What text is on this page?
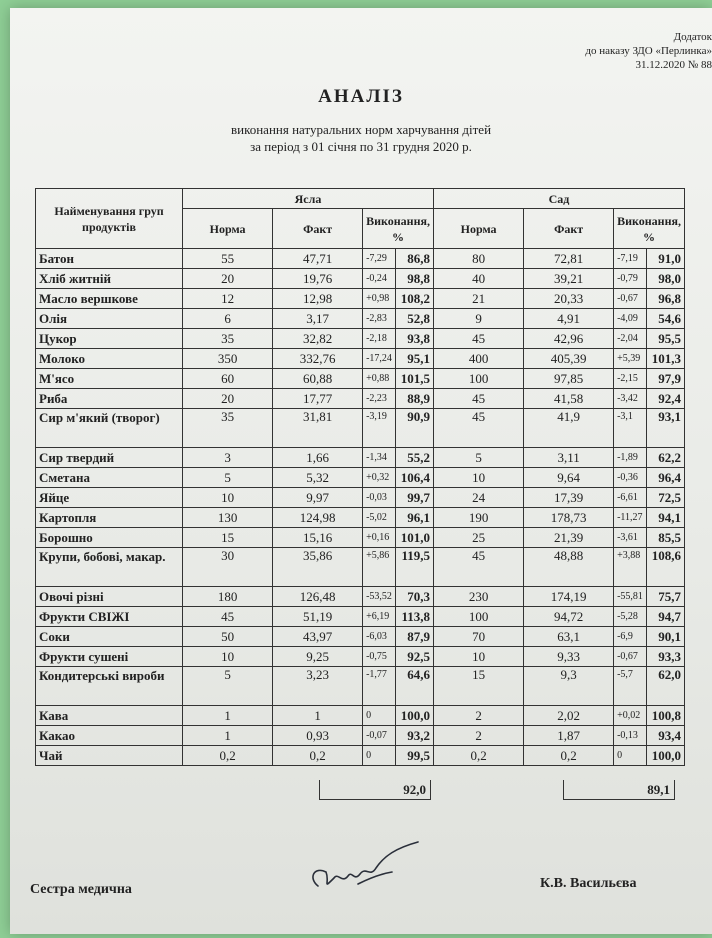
Додаток
до наказу ЗДО «Перлинка»
31.12.2020 № 88
АНАЛІЗ
виконання натуральних норм харчування дітей
за період з 01 січня по 31 грудня 2020 р.
Найменування груп продуктів	Ясла				Сад			
	Норма	Факт	Виконання, %		Норма	Факт	Виконання, %	
Батон	55	47,71	-7,29	86,8	80	72,81	-7,19	91,0
Хліб житній	20	19,76	-0,24	98,8	40	39,21	-0,79	98,0
Масло вершкове	12	12,98	+0,98	108,2	21	20,33	-0,67	96,8
Олія	6	3,17	-2,83	52,8	9	4,91	-4,09	54,6
Цукор	35	32,82	-2,18	93,8	45	42,96	-2,04	95,5
Молоко	350	332,76	-17,24	95,1	400	405,39	+5,39	101,3
М'ясо	60	60,88	+0,88	101,5	100	97,85	-2,15	97,9
Риба	20	17,77	-2,23	88,9	45	41,58	-3,42	92,4
Сир м'який (творог)	35	31,81	-3,19	90,9	45	41,9	-3,1	93,1
Сир твердий	3	1,66	-1,34	55,2	5	3,11	-1,89	62,2
Сметана	5	5,32	+0,32	106,4	10	9,64	-0,36	96,4
Яйце	10	9,97	-0,03	99,7	24	17,39	-6,61	72,5
Картопля	130	124,98	-5,02	96,1	190	178,73	-11,27	94,1
Борошно	15	15,16	+0,16	101,0	25	21,39	-3,61	85,5
Крупи, бобові, макар.	30	35,86	+5,86	119,5	45	48,88	+3,88	108,6
Овочі різні	180	126,48	-53,52	70,3	230	174,19	-55,81	75,7
Фрукти СВІЖІ	45	51,19	+6,19	113,8	100	94,72	-5,28	94,7
Соки	50	43,97	-6,03	87,9	70	63,1	-6,9	90,1
Фрукти сушені	10	9,25	-0,75	92,5	10	9,33	-0,67	93,3
Кондитерські вироби	5	3,23	-1,77	64,6	15	9,3	-5,7	62,0
Кава	1	1	0	100,0	2	2,02	+0,02	100,8
Какао	1	0,93	-0,07	93,2	2	1,87	-0,13	93,4
Чай	0,2	0,2	0	99,5	0,2	0,2	0	100,0
92,0	89,1
Сестра медична	К.В. Васильєва
